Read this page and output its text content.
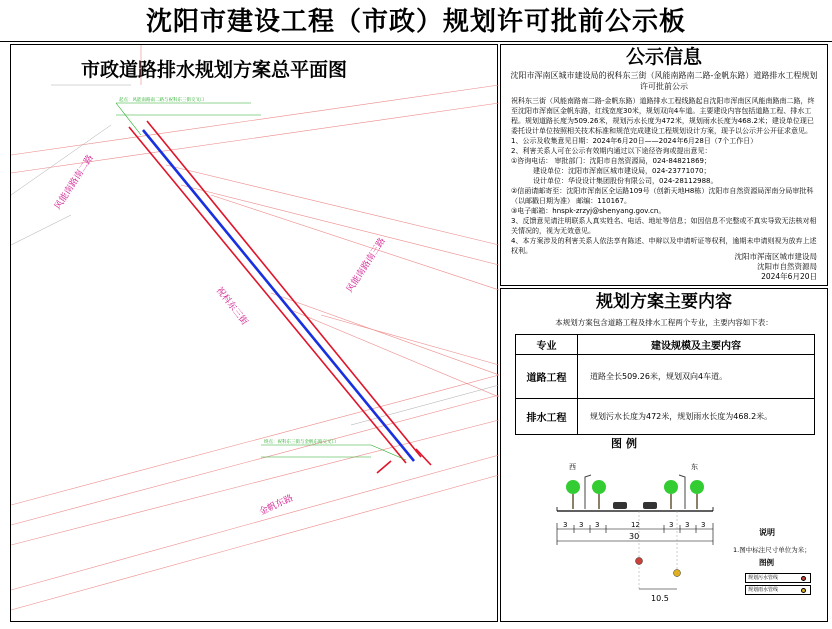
沈阳市建设工程（市政）规划许可批前公示板
市政道路排水规划方案总平面图
起点：风能南路南二路与祝科东三街交叉口
终点：祝科东三街与金帆东路交叉口
风能南路南二路
祝科东三街
风能南路南三路
金帆东路
公示信息
沈阳市浑南区城市建设局的祝科东三街（风能南路南二路-金帆东路）道路排水工程规划许可批前公示

祝科东三街（风能南路南二路-金帆东路）道路排水工程线路起自沈阳市浑南区风能南路南二路，终至沈阳市浑南区金帆东路，红线宽度30米，规划双向4车道。主要建设内容包括道路工程、排水工程。规划道路长度为509.26米，规划污水长度为472米，规划雨水长度为468.2米；建设单位现已委托设计单位按照相关技术标准和规范完成建设工程规划设计方案，现予以公示并公开征求意见。

1、公示及收集意见日期：2024年6月20日——2024年6月28日（7个工作日）

2、利害关系人可在公示有效期内通过以下途径咨询或提出意见：

①咨询电话： 审批部门：沈阳市自然资源局，024-84821869；

建设单位：沈阳市浑南区城市建设局，024-23771070；

设计单位：华设设计集团股份有限公司，024-28112988。

②信函请邮寄至：沈阳市浑南区全运路109号（创新天地H8栋）沈阳市自然资源局浑南分局审批科（以邮戳日期为准） 邮编：110167。

③电子邮箱：hnspk-zrzyj@shenyang.gov.cn。

3、反馈意见请注明联系人真实姓名、电话、地址等信息；如因信息不完整或不真实导致无法核对相关情况的，视为无效意见。

4、本方案涉及的利害关系人依法享有陈述、申辩以及申请听证等权利，逾期未申请则视为放弃上述权利。

沈阳市浑南区城市建设局
沈阳市自然资源局
2024年6月20日
规划方案主要内容
本规划方案包含道路工程及排水工程两个专业，主要内容如下表：
专业	建设规模及主要内容
道路工程	道路全长509.26米，规划双向4车道。
排水工程	规划污水长度为472米，规划雨水长度为468.2米。
图例
西	东
3 3 3	12	3 3 3
30
10.5
说明
1.图中标注尺寸单位为米；
图例
规划污水管线
规划雨水管线
